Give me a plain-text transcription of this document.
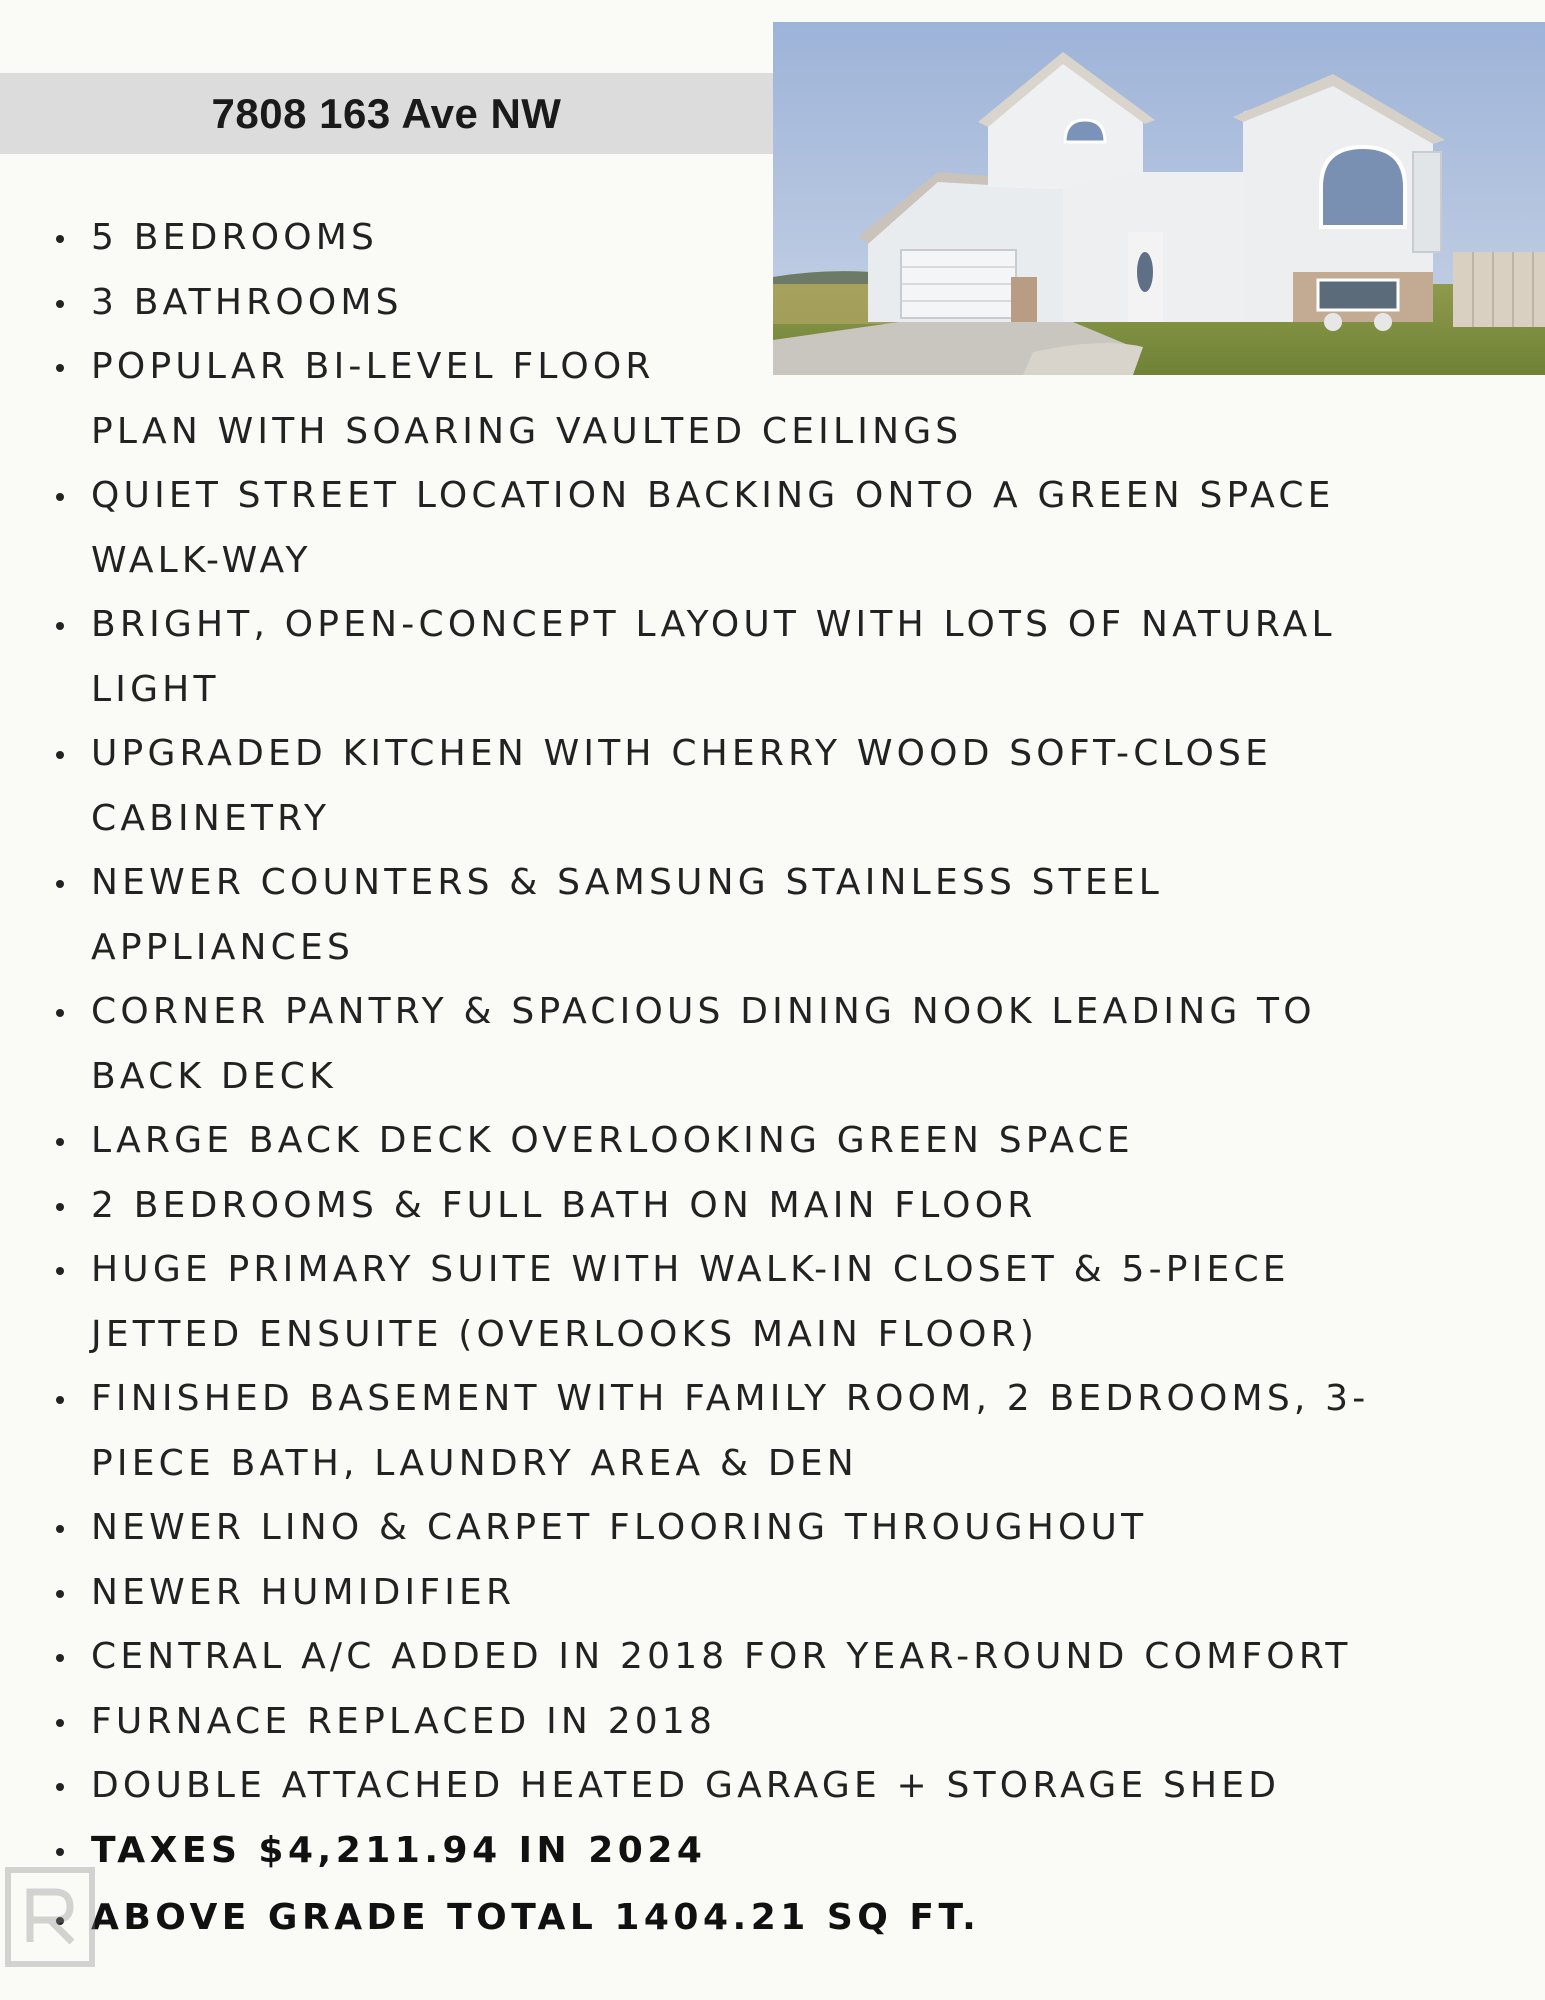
7808 163 Ave NW
5 BEDROOMS
3 BATHROOMS
POPULAR BI-LEVEL FLOOR
PLAN WITH SOARING VAULTED CEILINGS
QUIET STREET LOCATION BACKING ONTO A GREEN SPACE
WALK-WAY
BRIGHT, OPEN-CONCEPT LAYOUT WITH LOTS OF NATURAL
LIGHT
UPGRADED KITCHEN WITH CHERRY WOOD SOFT-CLOSE
CABINETRY
NEWER COUNTERS & SAMSUNG STAINLESS STEEL
APPLIANCES
CORNER PANTRY & SPACIOUS DINING NOOK LEADING TO
BACK DECK
LARGE BACK DECK OVERLOOKING GREEN SPACE
2 BEDROOMS & FULL BATH ON MAIN FLOOR
HUGE PRIMARY SUITE WITH WALK-IN CLOSET & 5-PIECE
JETTED ENSUITE (OVERLOOKS MAIN FLOOR)
FINISHED BASEMENT WITH FAMILY ROOM, 2 BEDROOMS, 3-
PIECE BATH, LAUNDRY AREA & DEN
NEWER LINO & CARPET FLOORING THROUGHOUT
NEWER HUMIDIFIER
CENTRAL A/C ADDED IN 2018 FOR YEAR-ROUND COMFORT
FURNACE REPLACED IN 2018
DOUBLE ATTACHED HEATED GARAGE + STORAGE SHED
TAXES $4,211.94 IN 2024
ABOVE GRADE TOTAL 1404.21 SQ FT.
